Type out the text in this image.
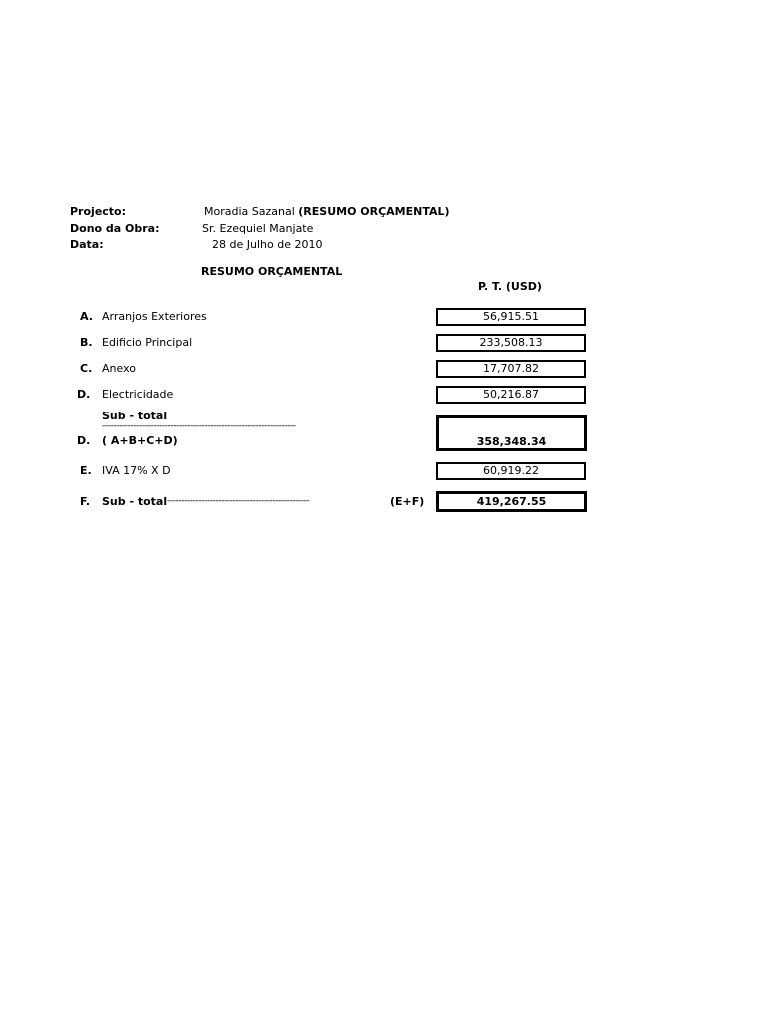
Projecto:	Moradia Sazanal (RESUMO ORÇAMENTAL)
Dono da Obra:	Sr. Ezequiel Manjate
Data:	28 de Julho de 2010
RESUMO ORÇAMENTAL
P. T. (USD)
A. Arranjos Exteriores	56,915.51
B. Edificio Principal	233,508.13
C. Anexo	17,707.82
D. Electricidade	50,216.87
Sub - total
--------------------------------------------------------------------
D. ( A+B+C+D)	358,348.34
E. IVA 17% X D	60,919.22
F. Sub - total --------------------------------------------------	(E+F)	419,267.55
